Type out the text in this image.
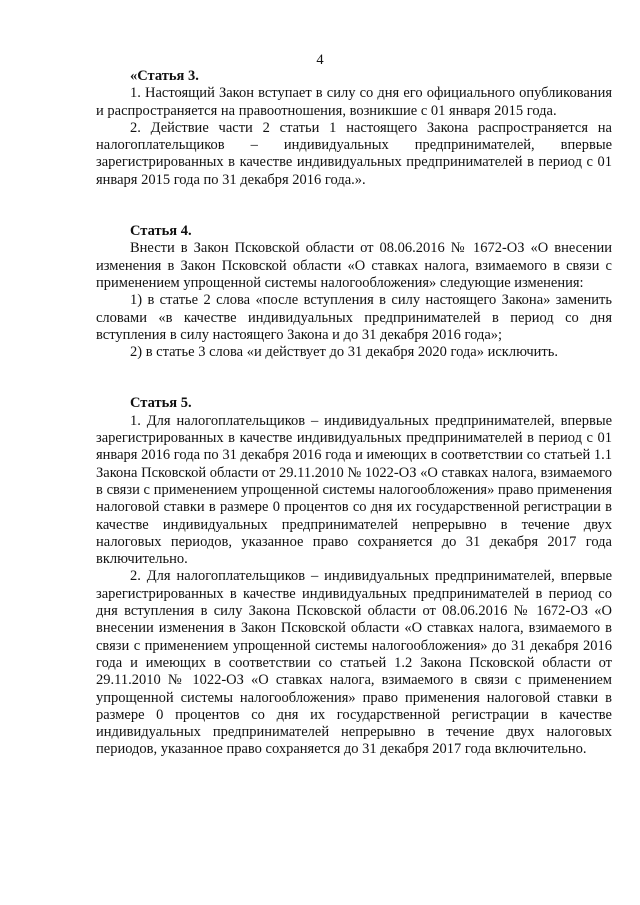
4

«Статья 3.

1. Настоящий Закон вступает в силу со дня его официального опубликования и распространяется на правоотношения, возникшие с 01 января 2015 года.

2. Действие части 2 статьи 1 настоящего Закона распространяется на налогоплательщиков – индивидуальных предпринимателей, впервые зарегистрированных в качестве индивидуальных предпринимателей в период с 01 января 2015 года по 31 декабря 2016 года.».

Статья 4.

Внести в Закон Псковской области от 08.06.2016 № 1672-ОЗ «О внесении изменения в Закон Псковской области «О ставках налога, взимаемого в связи с применением упрощенной системы налогообложения» следующие изменения:

1) в статье 2 слова «после вступления в силу настоящего Закона» заменить словами «в качестве индивидуальных предпринимателей в период со дня вступления в силу настоящего Закона и до 31 декабря 2016 года»;

2) в статье 3 слова «и действует до 31 декабря 2020 года» исключить.

Статья 5.

1. Для налогоплательщиков – индивидуальных предпринимателей, впервые зарегистрированных в качестве индивидуальных предпринимателей в период с 01 января 2016 года по 31 декабря 2016 года и имеющих в соответствии со статьей 1.1 Закона Псковской области от 29.11.2010 № 1022-ОЗ «О ставках налога, взимаемого в связи с применением упрощенной системы налогообложения» право применения налоговой ставки в размере 0 процентов со дня их государственной регистрации в качестве индивидуальных предпринимателей непрерывно в течение двух налоговых периодов, указанное право сохраняется до 31 декабря 2017 года включительно.

2. Для налогоплательщиков – индивидуальных предпринимателей, впервые зарегистрированных в качестве индивидуальных предпринимателей в период со дня вступления в силу Закона Псковской области от 08.06.2016 № 1672-ОЗ «О внесении изменения в Закон Псковской области «О ставках налога, взимаемого в связи с применением упрощенной системы налогообложения» до 31 декабря 2016 года и имеющих в соответствии со статьей 1.2 Закона Псковской области от 29.11.2010 № 1022-ОЗ «О ставках налога, взимаемого в связи с применением упрощенной системы налогообложения» право применения налоговой ставки в размере 0 процентов со дня их государственной регистрации в качестве индивидуальных предпринимателей непрерывно в течение двух налоговых периодов, указанное право сохраняется до 31 декабря 2017 года включительно.
